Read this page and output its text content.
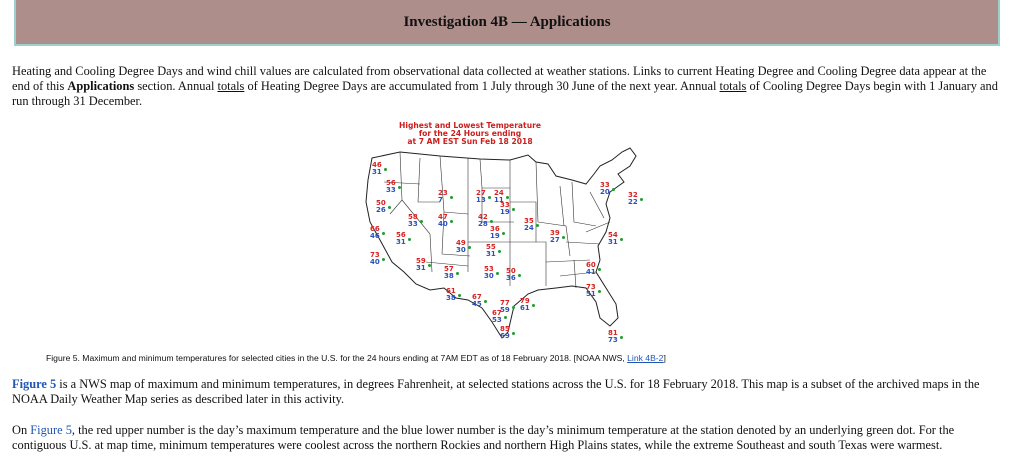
Investigation 4B — Applications

Heating and Cooling Degree Days and wind chill values are calculated from observational data collected at weather stations. Links to current Heating Degree and Cooling Degree data appear at the end of this Applications section. Annual totals of Heating Degree Days are accumulated from 1 July through 30 June of the next year. Annual totals of Cooling Degree Days begin with 1 January and run through 31 December.

Highest and Lowest Temperature
for the 24 Hours ending
at 7 AM EST Sun Feb 18 2018
46
31
56
33
50
26
23
7
27
13
24
11
33
19
58
33
47
40
42
28
36
19
35
24
66
46	56
31	49
30	55
31
73
40	59
31	57
38
53
30
50
36
61
38	67
45	77
59
79
61
67
53
85
69	81
73
33
20	32
22
54
31
39
27
73
51
60
41

Figure 5. Maximum and minimum temperatures for selected cities in the U.S. for the 24 hours ending at 7AM EDT as of 18 February 2018. [NOAA NWS, Link 4B-2]

Figure 5 is a NWS map of maximum and minimum temperatures, in degrees Fahrenheit, at selected stations across the U.S. for 18 February 2018. This map is a subset of the archived maps in the NOAA Daily Weather Map series as described later in this activity.

On Figure 5, the red upper number is the day’s maximum temperature and the blue lower number is the day’s minimum temperature at the station denoted by an underlying green dot. For the contiguous U.S. at map time, minimum temperatures were coolest across the northern Rockies and northern High Plains states, while the extreme Southeast and south Texas were warmest.
